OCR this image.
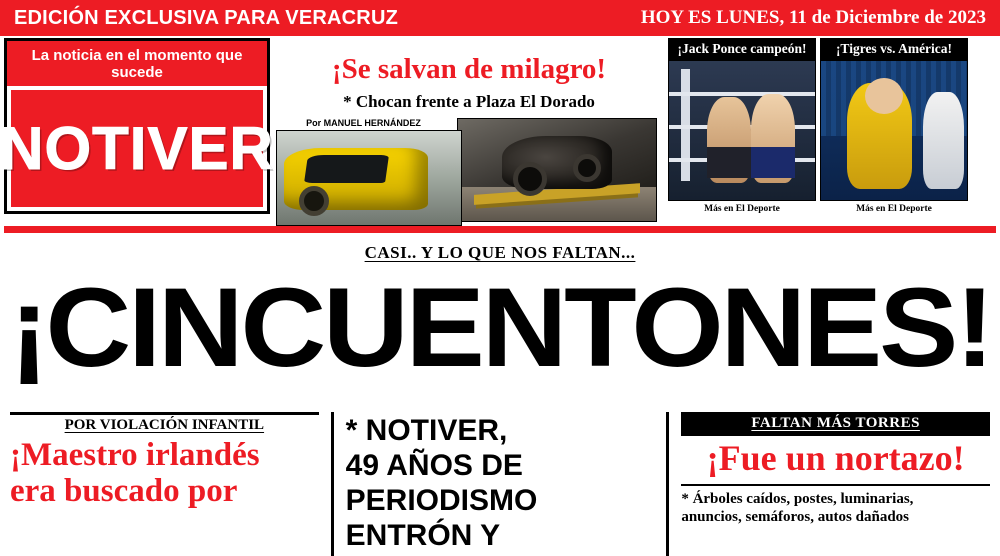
EDICIÓN EXCLUSIVA PARA VERACRUZ	HOY ES LUNES, 11 de Diciembre de 2023
La noticia en el momento que sucede
NOTIVER
¡Se salvan de milagro!
* Chocan frente a Plaza El Dorado
Por MANUEL HERNÁNDEZ
¡Jack Ponce campeón!
Más en El Deporte
¡Tigres vs. América!
Más en El Deporte
CASI.. Y LO QUE NOS FALTAN...
¡CINCUENTONES!
POR VIOLACIÓN INFANTIL
¡Maestro irlandés
era buscado por
* NOTIVER,
49 AÑOS DE
PERIODISMO
ENTRÓN Y
FALTAN MÁS TORRES
¡Fue un nortazo!
* Árboles caídos, postes, luminarias,
anuncios, semáforos, autos dañados
